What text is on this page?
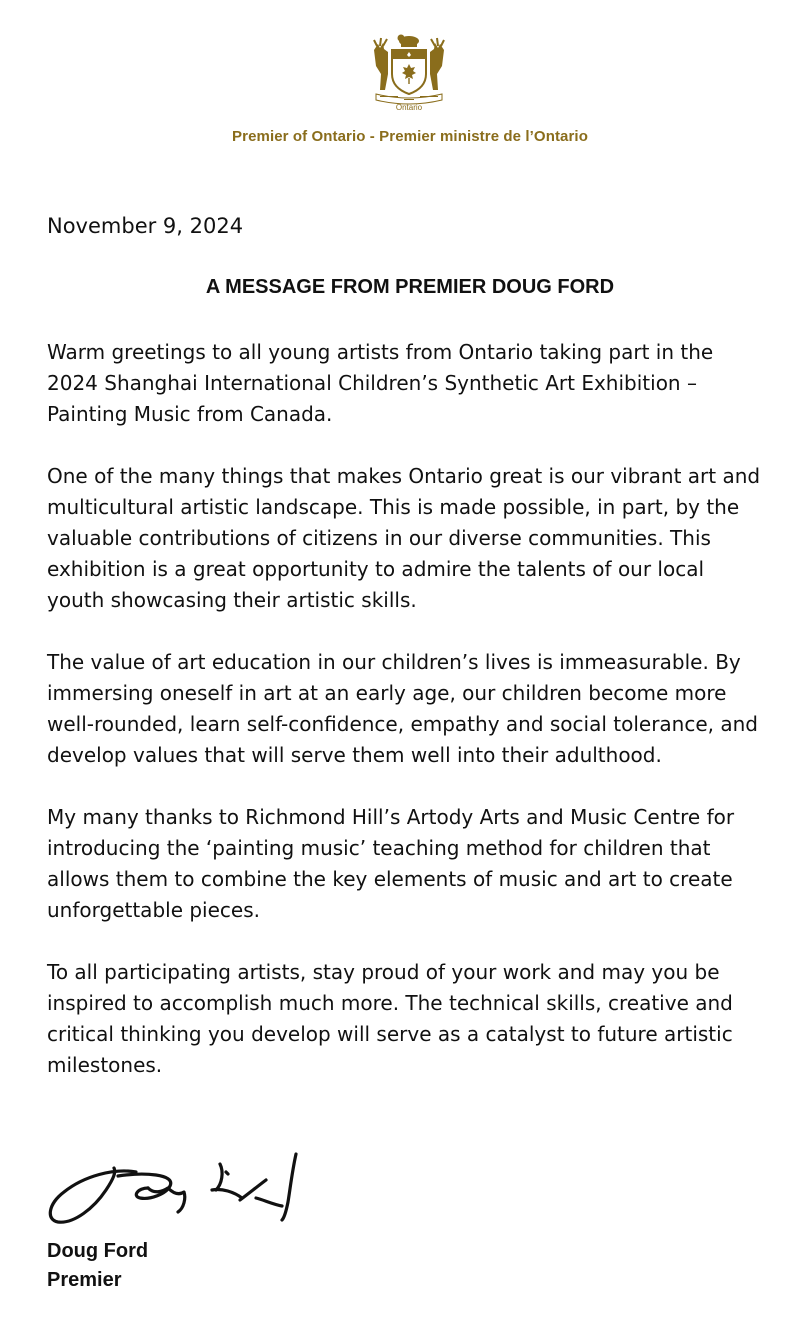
Ontario
Premier of Ontario - Premier ministre de l’Ontario
November 9, 2024
A MESSAGE FROM PREMIER DOUG FORD

Warm greetings to all young artists from Ontario taking part in the 2024 Shanghai International Children’s Synthetic Art Exhibition – Painting Music from Canada.

One of the many things that makes Ontario great is our vibrant art and multicultural artistic landscape. This is made possible, in part, by the valuable contributions of citizens in our diverse communities. This exhibition is a great opportunity to admire the talents of our local youth showcasing their artistic skills.

The value of art education in our children’s lives is immeasurable. By immersing oneself in art at an early age, our children become more well-rounded, learn self-confidence, empathy and social tolerance, and develop values that will serve them well into their adulthood.

My many thanks to Richmond Hill’s Artody Arts and Music Centre for introducing the ‘painting music’ teaching method for children that allows them to combine the key elements of music and art to create unforgettable pieces.

To all participating artists, stay proud of your work and may you be inspired to accomplish much more. The technical skills, creative and critical thinking you develop will serve as a catalyst to future artistic milestones.

Doug Ford
Premier
